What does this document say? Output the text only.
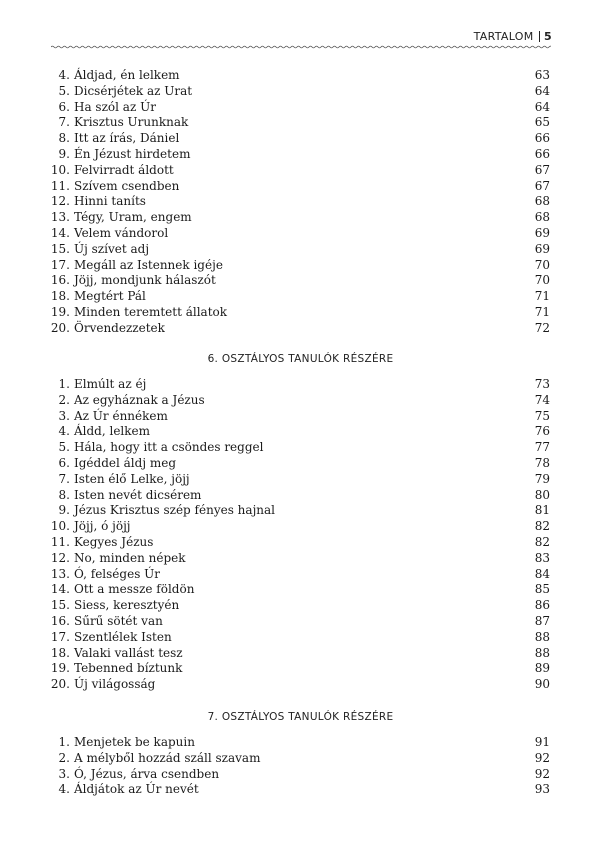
TARTALOM 5
4. Áldjad, én lelkem	63
5. Dicsérjétek az Urat	64
6. Ha szól az Úr	64
7. Krisztus Urunknak	65
8. Itt az írás, Dániel	66
9. Én Jézust hirdetem	66
10. Felvirradt áldott	67
11. Szívem csendben	67
12. Hinni taníts	68
13. Tégy, Uram, engem	68
14. Velem vándorol	69
15. Új szívet adj	69
17. Megáll az Istennek igéje	70
16. Jöjj, mondjunk hálaszót	70
18. Megtért Pál	71
19. Minden teremtett állatok	71
20. Örvendezzetek	72
6. OSZTÁLYOS TANULÓK RÉSZÉRE
1. Elmúlt az éj	73
2. Az egyháznak a Jézus	74
3. Az Úr énnékem	75
4. Áldd, lelkem	76
5. Hála, hogy itt a csöndes reggel	77
6. Igéddel áldj meg	78
7. Isten élő Lelke, jöjj	79
8. Isten nevét dicsérem	80
9. Jézus Krisztus szép fényes hajnal	81
10. Jöjj, ó jöjj	82
11. Kegyes Jézus	82
12. No, minden népek	83
13. Ó, felséges Úr	84
14. Ott a messze földön	85
15. Siess, keresztyén	86
16. Sűrű sötét van	87
17. Szentlélek Isten	88
18. Valaki vallást tesz	88
19. Tebenned bíztunk	89
20. Új világosság	90
7. OSZTÁLYOS TANULÓK RÉSZÉRE
1. Menjetek be kapuin	91
2. A mélyből hozzád száll szavam	92
3. Ó, Jézus, árva csendben	92
4. Áldjátok az Úr nevét	93
